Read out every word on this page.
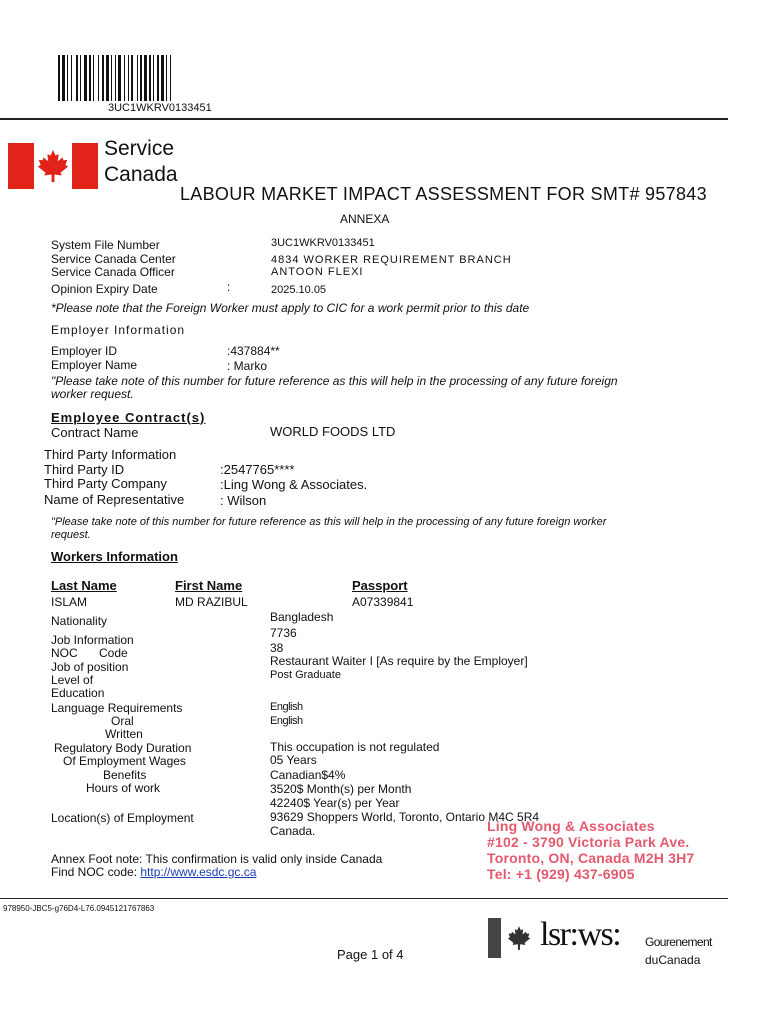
3UC1WKRV0133451
Service
Canada
LABOUR MARKET IMPACT ASSESSMENT FOR SMT# 957843
ANNEXA
System File Number	3UC1WKRV0133451
Service Canada Center	4834 WORKER REQUIREMENT BRANCH
Service Canada Officer	ANTOON FLEXI
Opinion Expiry Date	:	2025.10.05
*Please note that the Foreign Worker must apply to CIC for a work permit prior to this date
Employer Information
Employer ID	:437884**
Employer Name	: Marko
"Please take note of this number for future reference as this will help in the processing of any future foreign
worker request.
Employee Contract(s)
Contract Name	WORLD FOODS LTD
Third Party Information
Third Party ID	:2547765****
Third Party Company	:Ling Wong & Associates.
Name of Representative	: Wilson
"Please take note of this number for future reference as this will help in the processing of any future foreign worker
request.
Workers Information
Last Name	First Name	Passport
ISLAM	MD RAZIBUL	A07339841
Nationality	Bangladesh
Job Information	7736
NOC Code	38
Job of position	Restaurant Waiter I [As require by the Employer]
Level of	Post Graduate
Education
Language Requirements	English
Oral	English
Written
Regulatory Body Duration	This occupation is not regulated
Of Employment Wages	05 Years
Benefits	Canadian$4%
Hours of work	3520$ Month(s) per Month
42240$ Year(s) per Year
Location(s) of Employment	93629 Shoppers World, Toronto, Ontario M4C 5R4
Canada.	Ling Wong & Associates
#102 - 3790 Victoria Park Ave.
Toronto, ON, Canada M2H 3H7
Tel: +1 (929) 437-6905
Annex Foot note: This confirmation is valid only inside Canada
Find NOC code: http://www.esdc.gc.ca
978950-JBC5-g76D4-L76.0945121767863
Page 1 of 4
lsr:ws: Gourenement
duCanada
